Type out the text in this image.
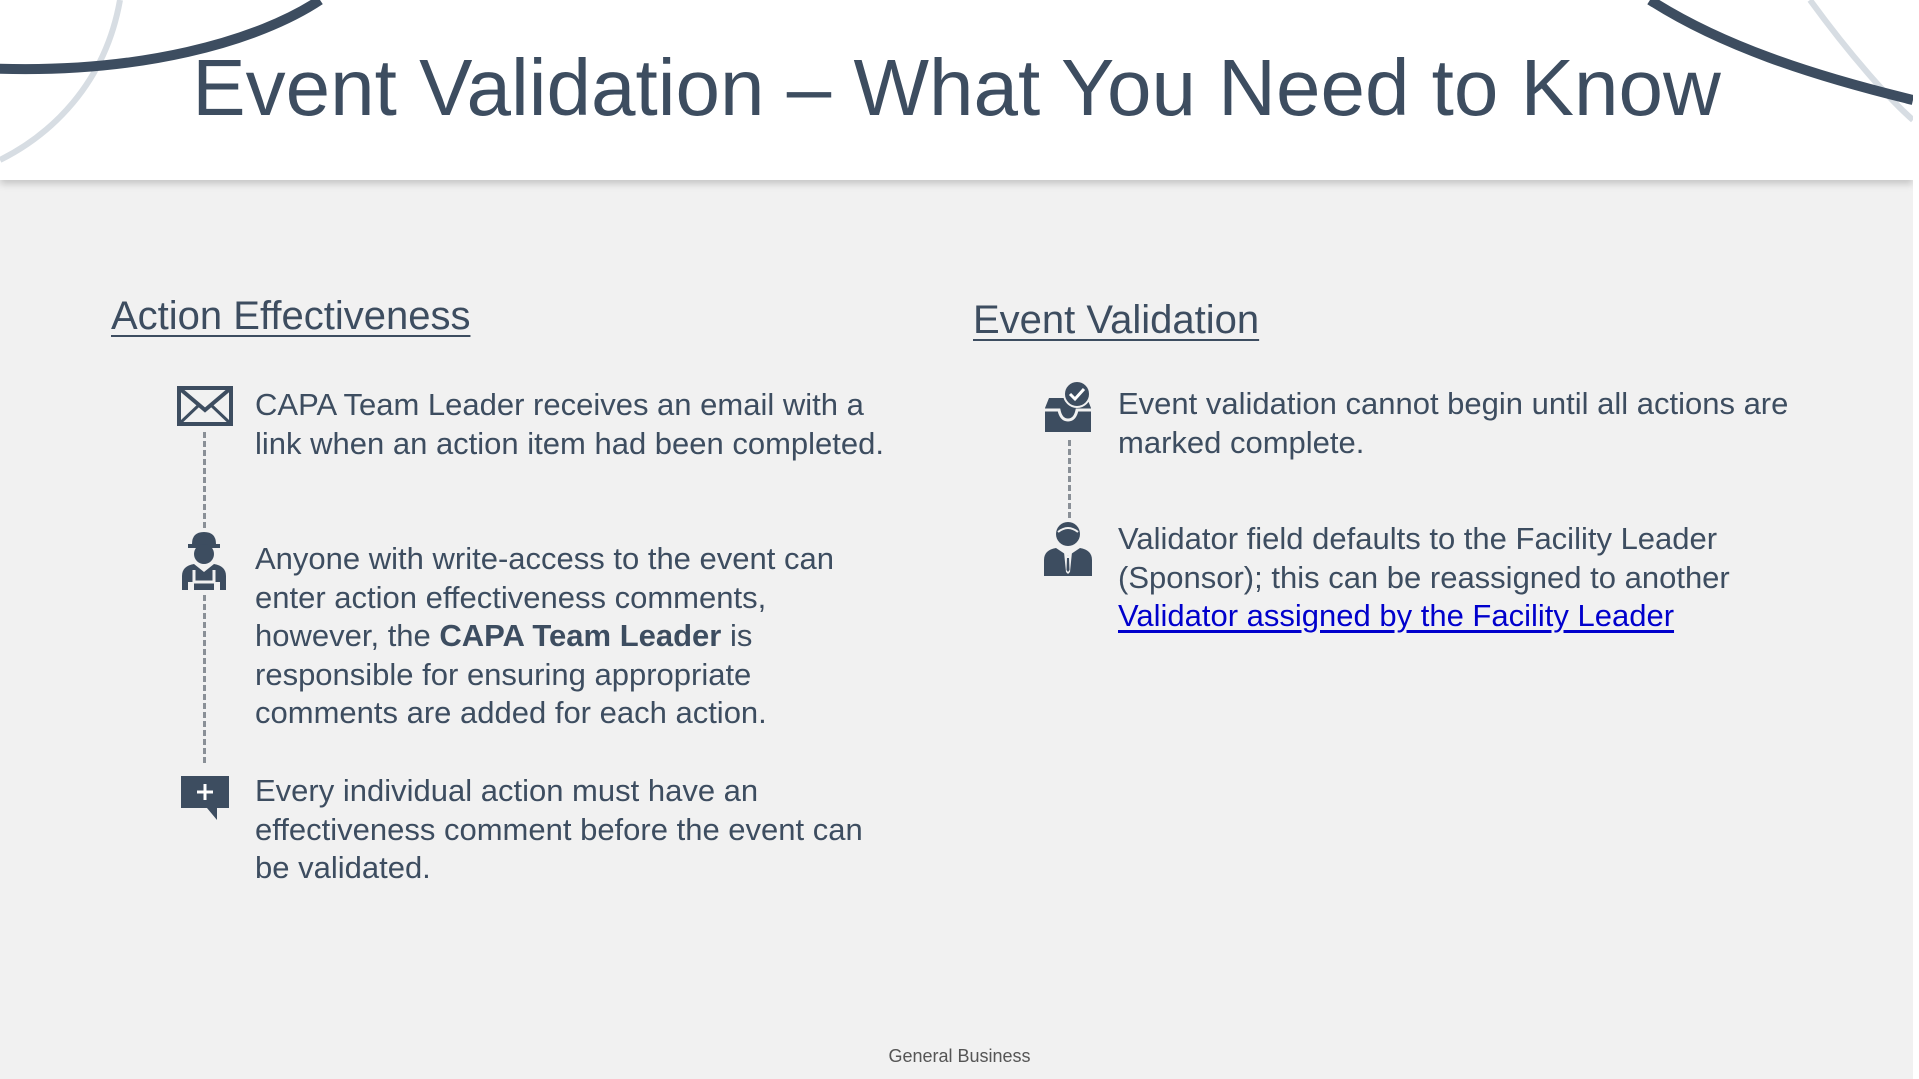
Event Validation – What You Need to Know
Action Effectiveness
CAPA Team Leader receives an email with a link when an action item had been completed.
Anyone with write-access to the event can enter action effectiveness comments, however, the CAPA Team Leader is responsible for ensuring appropriate comments are added for each action.
Every individual action must have an effectiveness comment before the event can be validated.
Event Validation
Event validation cannot begin until all actions are marked complete.
Validator field defaults to the Facility Leader (Sponsor); this can be reassigned to another Validator assigned by the Facility Leader
General Business
